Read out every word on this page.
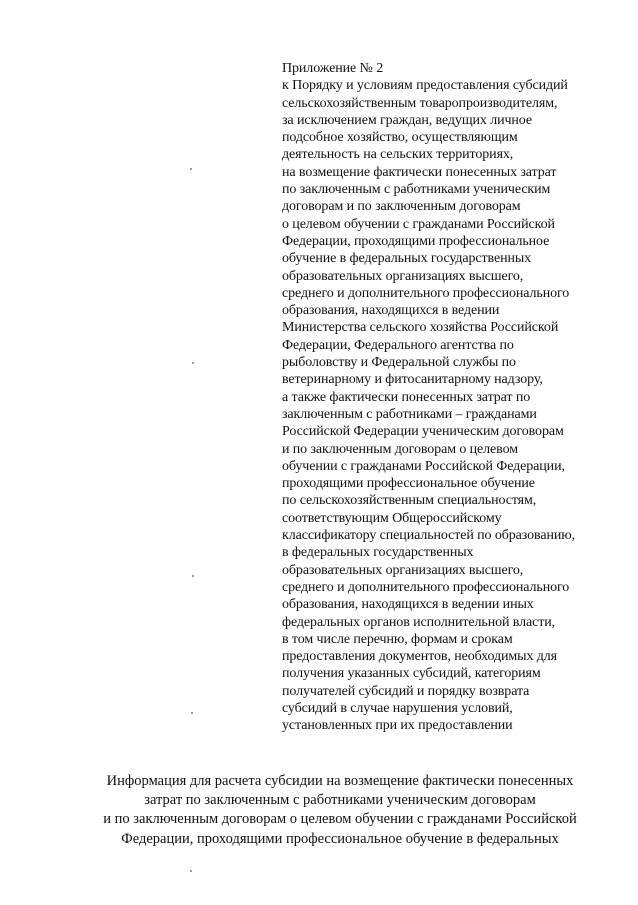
Приложение № 2
к Порядку и условиям предоставления субсидий
сельскохозяйственным товаропроизводителям,
за исключением граждан, ведущих личное
подсобное хозяйство, осуществляющим
деятельность на сельских территориях,
на возмещение фактически понесенных затрат
по заключенным с работниками ученическим
договорам и по заключенным договорам
о целевом обучении с гражданами Российской
Федерации, проходящими профессиональное
обучение в федеральных государственных
образовательных организациях высшего,
среднего и дополнительного профессионального
образования, находящихся в ведении
Министерства сельского хозяйства Российской
Федерации, Федерального агентства по
рыболовству и Федеральной службы по
ветеринарному и фитосанитарному надзору,
а также фактически понесенных затрат по
заключенным с работниками – гражданами
Российской Федерации ученическим договорам
и по заключенным договорам о целевом
обучении с гражданами Российской Федерации,
проходящими профессиональное обучение
по сельскохозяйственным специальностям,
соответствующим Общероссийскому
классификатору специальностей по образованию,
в федеральных государственных
образовательных организациях высшего,
среднего и дополнительного профессионального
образования, находящихся в ведении иных
федеральных органов исполнительной власти,
в том числе перечню, формам и срокам
предоставления документов, необходимых для
получения указанных субсидий, категориям
получателей субсидий и порядку возврата
субсидий в случае нарушения условий,
установленных при их предоставлении
Информация для расчета субсидии на возмещение фактически понесенных
затрат по заключенным с работниками ученическим договорам
и по заключенным договорам о целевом обучении с гражданами Российской
Федерации, проходящими профессиональное обучение в федеральных
